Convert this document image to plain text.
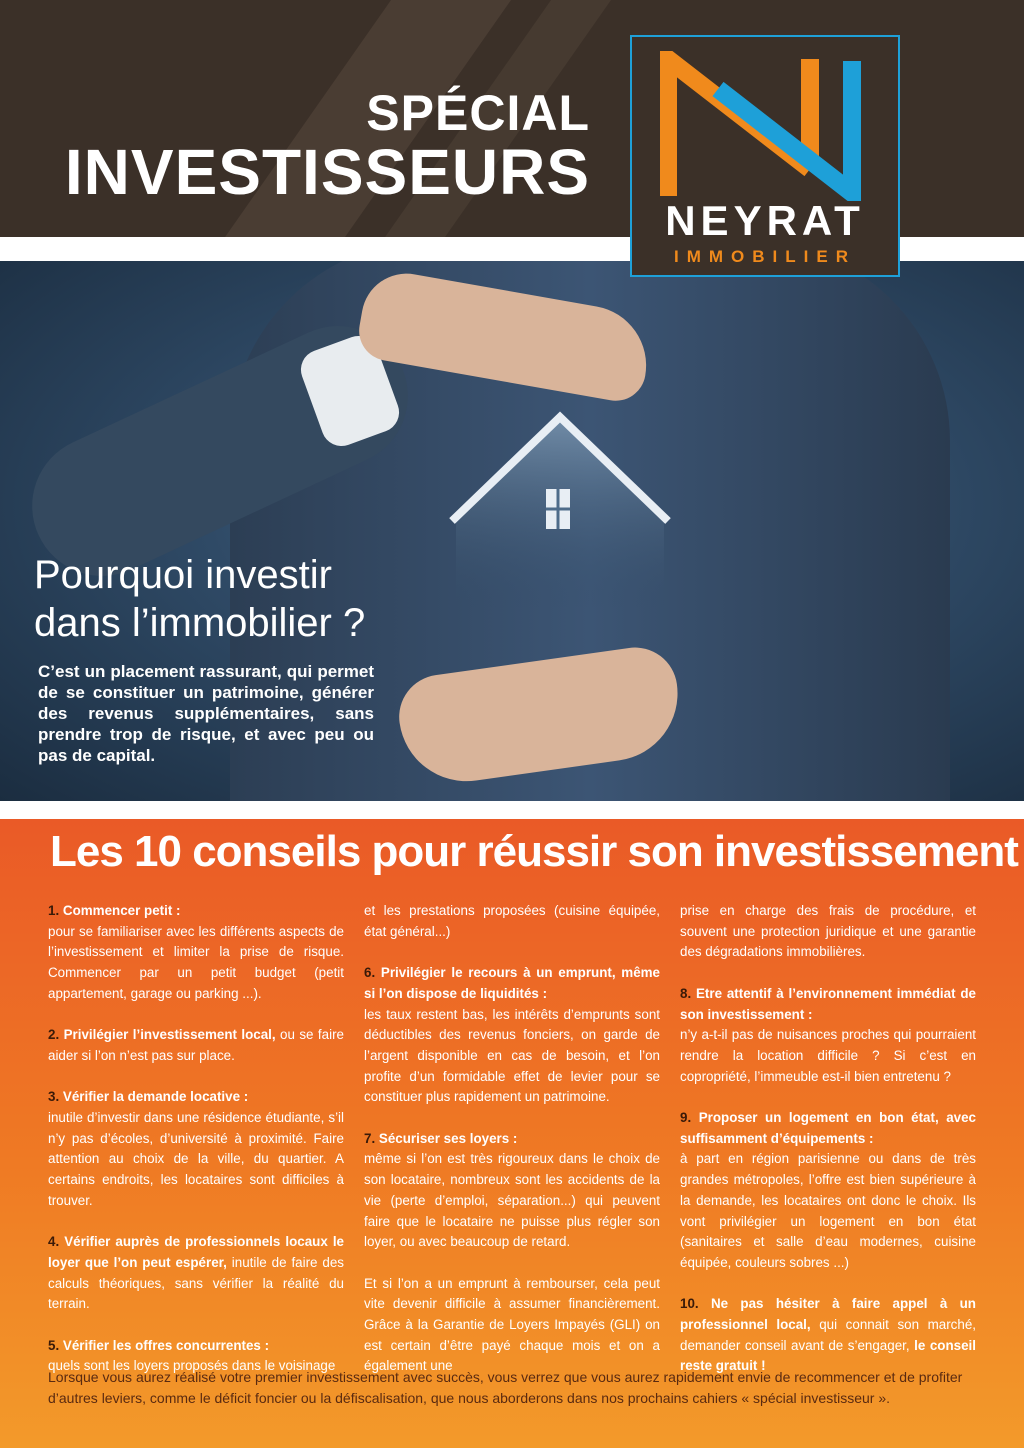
SPÉCIAL
INVESTISSEURS
NEYRAT
IMMOBILIER
Pourquoi investir
dans l’immobilier ?
C’est un placement rassurant, qui permet de se constituer un patrimoine, générer des revenus supplémentaires, sans prendre trop de risque, et avec peu ou pas de capital.
Les 10 conseils pour réussir son investissement

1. Commencer petit :
pour se familiariser avec les différents aspects de l’investissement et limiter la prise de risque. Commencer par un petit budget (petit appartement, garage ou parking ...).

2. Privilégier l’investissement local, ou se faire aider si l’on n’est pas sur place.

3. Vérifier la demande locative :
inutile d’investir dans une résidence étudiante, s’il n’y pas d’écoles, d’université à proximité. Faire attention au choix de la ville, du quartier. A certains endroits, les locataires sont difficiles à trouver.

4. Vérifier auprès de professionnels locaux le loyer que l’on peut espérer, inutile de faire des calculs théoriques, sans vérifier la réalité du terrain.

5. Vérifier les offres concurrentes :
quels sont les loyers proposés dans le voisinage

et les prestations proposées (cuisine équipée, état général...)

6. Privilégier le recours à un emprunt, même si l’on dispose de liquidités :
les taux restent bas, les intérêts d’emprunts sont déductibles des revenus fonciers, on garde de l’argent disponible en cas de besoin, et l’on profite d’un formidable effet de levier pour se constituer plus rapidement un patrimoine.

7. Sécuriser ses loyers :
même si l’on est très rigoureux dans le choix de son locataire, nombreux sont les accidents de la vie (perte d’emploi, séparation...) qui peuvent faire que le locataire ne puisse plus régler son loyer, ou avec beaucoup de retard.

Et si l’on a un emprunt à rembourser, cela peut vite devenir difficile à assumer financièrement. Grâce à la Garantie de Loyers Impayés (GLI) on est certain d’être payé chaque mois et on a également une

prise en charge des frais de procédure, et souvent une protection juridique et une garantie des dégradations immobilières.

8. Etre attentif à l’environnement immédiat de son investissement :
n’y a-t-il pas de nuisances proches qui pourraient rendre la location difficile ? Si c’est en copropriété, l’immeuble est-il bien entretenu ?

9. Proposer un logement en bon état, avec suffisamment d’équipements :
à part en région parisienne ou dans de très grandes métropoles, l’offre est bien supérieure à la demande, les locataires ont donc le choix. Ils vont privilégier un logement en bon état (sanitaires et salle d’eau modernes, cuisine équipée, couleurs sobres ...)

10. Ne pas hésiter à faire appel à un professionnel local, qui connait son marché, demander conseil avant de s’engager, le conseil reste gratuit !

Lorsque vous aurez réalisé votre premier investissement avec succès, vous verrez que vous aurez rapidement envie de recommencer et de profiter d’autres leviers, comme le déficit foncier ou la défiscalisation, que nous aborderons dans nos prochains cahiers « spécial investisseur ».
